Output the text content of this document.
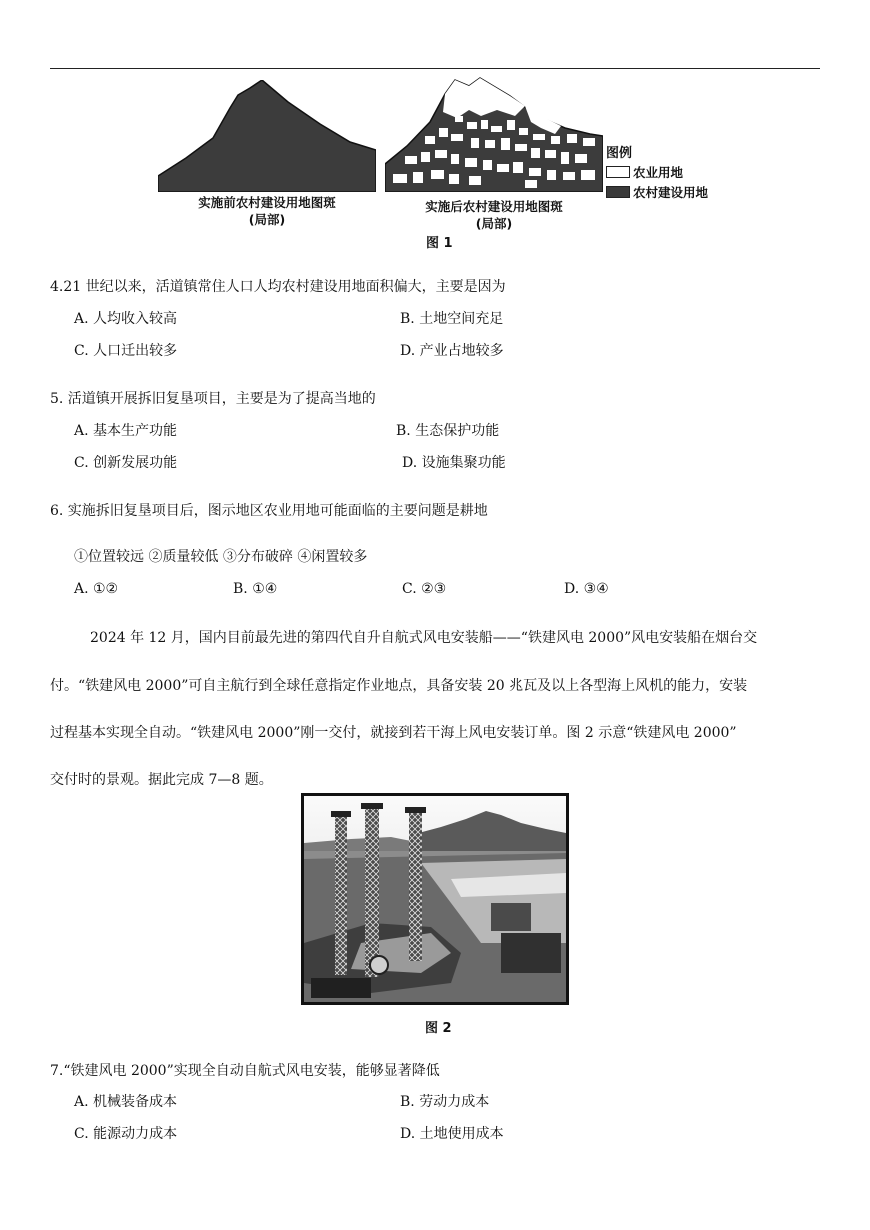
图例
农业用地
农村建设用地
实施前农村建设用地图斑
(局部)
实施后农村建设用地图斑
(局部)
图 1
4.21 世纪以来，活道镇常住人口人均农村建设用地面积偏大，主要是因为
A. 人均收入较高	B. 土地空间充足
C. 人口迁出较多	D. 产业占地较多
5. 活道镇开展拆旧复垦项目，主要是为了提高当地的
A. 基本生产功能	B. 生态保护功能
C. 创新发展功能	D. 设施集聚功能
6. 实施拆旧复垦项目后，图示地区农业用地可能面临的主要问题是耕地
①位置较远 ②质量较低 ③分布破碎 ④闲置较多
A. ①②	B. ①④	C. ②③	D. ③④
2024 年 12 月，国内目前最先进的第四代自升自航式风电安装船——“铁建风电 2000”风电安装船在烟台交
付。“铁建风电 2000”可自主航行到全球任意指定作业地点，具备安装 20 兆瓦及以上各型海上风机的能力，安装
过程基本实现全自动。“铁建风电 2000”刚一交付，就接到若干海上风电安装订单。图 2 示意“铁建风电 2000”
交付时的景观。据此完成 7—8 题。
图 2
7.“铁建风电 2000”实现全自动自航式风电安装，能够显著降低
A. 机械装备成本	B. 劳动力成本
C. 能源动力成本	D. 土地使用成本
